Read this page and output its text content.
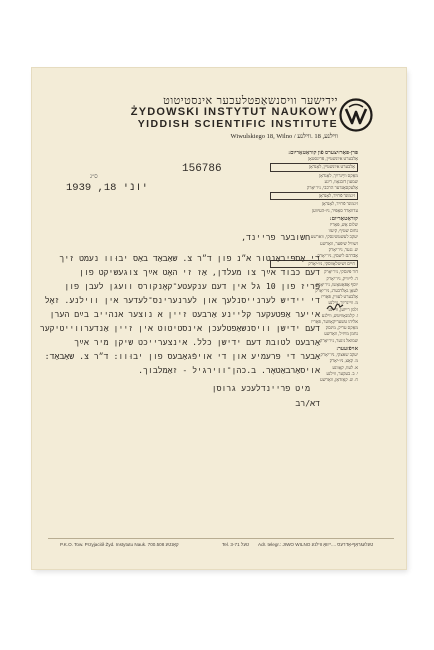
יידישער וויסנשאַפטלעכער אינסטיטוט
ŻYDOWSKI INSTYTUT NAUKOWY
YIDDISH SCIENTIFIC INSTITUTE
Wiwulskiego 18, Wilno / ווילנע, 18 .ווילנע
156786
ס״ג
יוני 18, 1939
פּרן-פאַרזיצערס פֿון קוראַטאָריום:
אַלבערט אײַנשטיין, פּרינסטאָן
אַלבערט אײַנשטיין, לאָנדאָן
מאַקס וויַינרײַך, לאָנדאָן
שמעון דובנאָוו, ריגע
אַלעקסאַנדער הרכבי, ניו־יאָרק
זיגמונד פֿרויד, לאָנדאָן
זיגמונד פֿרויד, לאָנדאָן
עדוואַרד סאַפּיר, ניו-העיווען
קוראַטאָריום:
שלום אַש, פּאַריז
נחום שטיף, קיעוו
יעקב לעשטשינסקי, ווארשע
זשוויל שיפּער, וואַרשע
ש. נגער, ניו־יאָרק
אַבֿרהם ליעסין, ניו־יאָרק
חיים זשיטלאָווסקי, ניו-יאָרק
דוד פּינסקי, ניו־יאָרק
ה. לייוויק, ניו־יאָרק
יוסף אָפּאַטאָשו, ניו־יאָרק
לעאָן גאָלדבערג, ניו־יאָרק
אַלבערט לעווין, פּאַריז
מ. וויינרײַך, ווילנע
זלמן רייזען, ווילנע
ז. קלמנאָוויטש, ווילנע
אליהו טשעריקאָווער, פּאַריז
מאַקס עריק, מינסק
נחמן מײַזיל, וואַרשע
שמואל ניגער, ניו־יאָרק
אויפֿזעער:
יעקב שאצקי, ניו־יאָרק
מ. קאַצ, ניו-יאָרק
א. לעוו, קאָוונע
י. ב. בעקער, ווילנע
ח. ש. קאַזדאַן, וואַרשע
חשובער פריינד,
די אַספּיראַנטור א״נ פון ד״ר צ. שאַבאַד באַס יבוּוו נעמט זיך
דעם כבוד אײַך צו מעלדן, אַז זי האָט אײַך צוגעשיקט פון
פּריז פון 10 גל אין דעם ענקעטע־קאָנקורס וועגן לעבן פון
די יידיש לערנייסנלעך און לערנערינס־לעדער אין ווילנע. זאָל
אייער אַפּטעקער קליינע אַרבעט זיין א נוצער אנהייב בײַם הערן
דעם ידישן וויסנשאַפטלעכן אינסטיטוט אין זיין אַנדערווייטיקער
אַרבעט לטובת דעם ידישן כלל. אינצערייכט שיקן מיר אײַך
אַבער די פּרעמיע און די אויפֿגאַבעס פון יבוּוו: ד״ר צ. שאַבאַד:
אויסאַרבאַטאָר. ב.כהן־ווירגיל - זאַמלבוך.
מיט פריינדלעכע גרוסן
דא/רב
P.K.O. Tow. Przyjaciół Żyd. Instytutu Nauk. 700.508 קאָנטע	Tel. 3-71 טעל Adr. telegr.: JIWO WILNO טעלעגראַף-אַדרעס ....ייוואָ ווילנע
